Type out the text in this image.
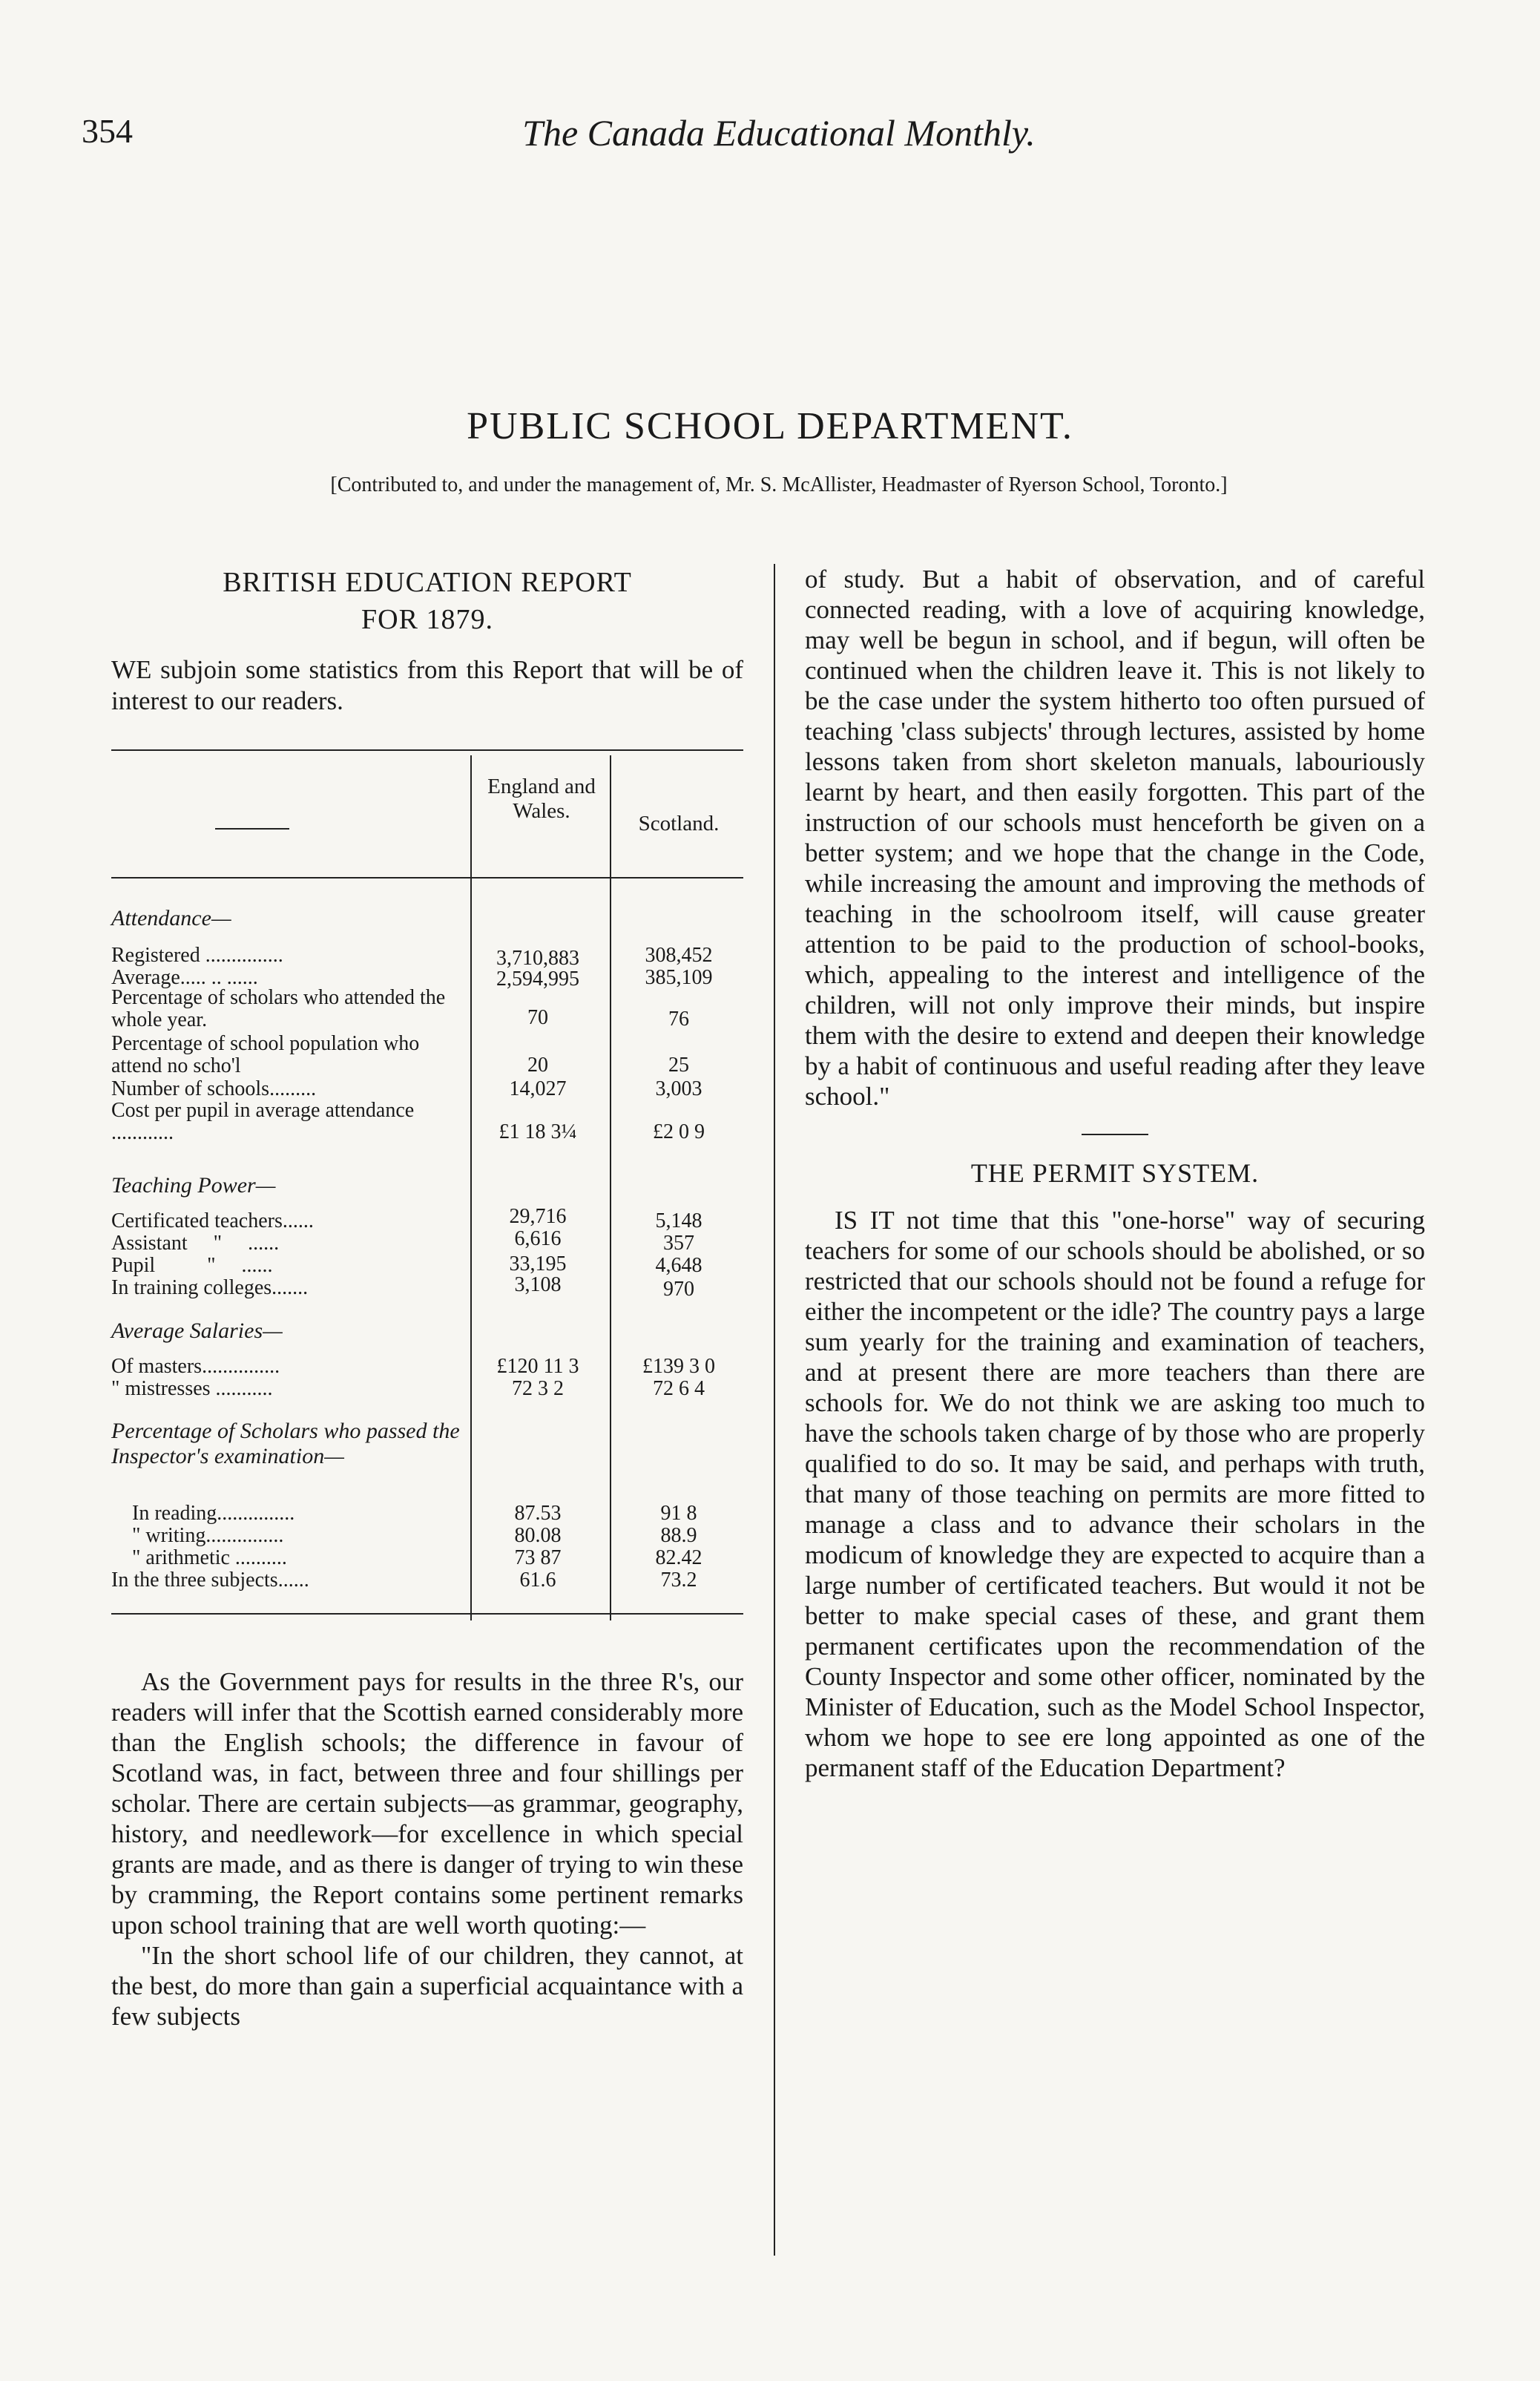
354	The Canada Educational Monthly.
PUBLIC SCHOOL DEPARTMENT.
[Contributed to, and under the management of, Mr. S. McAllister, Headmaster of Ryerson School, Toronto.]

BRITISH EDUCATION REPORT

FOR 1879.

WE subjoin some statistics from this Report that will be of interest to our readers.

England and Wales.
Scotland.
Attendance—
Registered ...............	3,710,883	308,452
Average..... .. ......	2,594,995	385,109
Percentage of scholars who attended the whole year.	70	76
Percentage of school population who attend no scho'l	20	25
Number of schools.........	14,027	3,003
Cost per pupil in average attendance ............	£1 18 3¼	£2 0 9
Teaching Power—
Certificated teachers......	29,716	5,148
Assistant     "     ......	6,616	357
Pupil          "     ......	33,195	4,648
In training colleges.......	3,108	970
Average Salaries—
Of masters...............	£120 11 3	£139 3 0
" mistresses ...........	72 3 2	72 6 4
Percentage of Scholars who passed the Inspector's examination—
In reading...............	87.53	91 8
" writing...............	80.08	88.9
" arithmetic ..........	73 87	82.42
In the three subjects......	61.6	73.2

As the Government pays for results in the three R's, our readers will infer that the Scottish earned considerably more than the English schools; the difference in favour of Scotland was, in fact, between three and four shillings per scholar. There are certain subjects—as grammar, geography, history, and needlework—for excellence in which special grants are made, and as there is danger of trying to win these by cramming, the Report contains some pertinent remarks upon school training that are well worth quoting:—

"In the short school life of our children, they cannot, at the best, do more than gain a superficial acquaintance with a few subjects

of study. But a habit of observation, and of careful connected reading, with a love of acquiring knowledge, may well be begun in school, and if begun, will often be continued when the children leave it. This is not likely to be the case under the system hitherto too often pursued of teaching 'class subjects' through lectures, assisted by home lessons taken from short skeleton manuals, labouriously learnt by heart, and then easily forgotten. This part of the instruction of our schools must henceforth be given on a better system; and we hope that the change in the Code, while increasing the amount and improving the methods of teaching in the schoolroom itself, will cause greater attention to be paid to the production of school-books, which, appealing to the interest and intelligence of the children, will not only improve their minds, but inspire them with the desire to extend and deepen their knowledge by a habit of continuous and useful reading after they leave school."

THE PERMIT SYSTEM.

IS IT not time that this "one-horse" way of securing teachers for some of our schools should be abolished, or so restricted that our schools should not be found a refuge for either the incompetent or the idle? The country pays a large sum yearly for the training and examination of teachers, and at present there are more teachers than there are schools for. We do not think we are asking too much to have the schools taken charge of by those who are properly qualified to do so. It may be said, and perhaps with truth, that many of those teaching on permits are more fitted to manage a class and to advance their scholars in the modicum of knowledge they are expected to acquire than a large number of certificated teachers. But would it not be better to make special cases of these, and grant them permanent certificates upon the recommendation of the County Inspector and some other officer, nominated by the Minister of Education, such as the Model School Inspector, whom we hope to see ere long appointed as one of the permanent staff of the Education Department?
